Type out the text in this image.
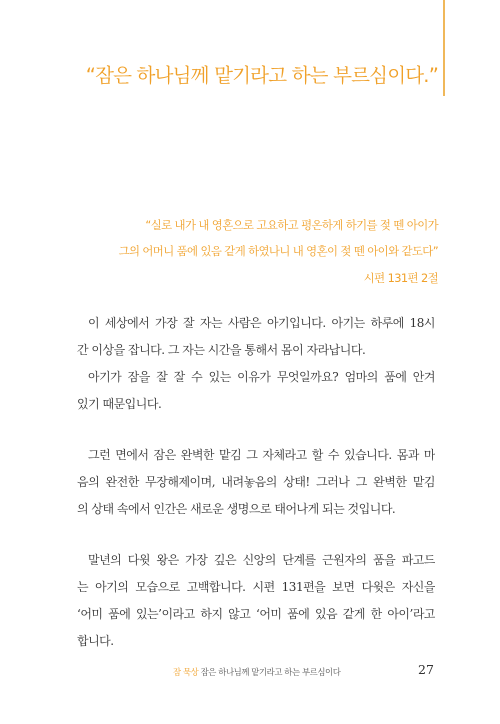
“잠은 하나님께 맡기라고 하는 부르심이다.”
“실로 내가 내 영혼으로 고요하고 평온하게 하기를 젖 뗀 아이가
그의 어머니 품에 있음 같게 하였나니 내 영혼이 젖 뗀 아이와 같도다”
시편 131편 2절
이 세상에서 가장 잘 자는 사람은 아기입니다. 아기는 하루에 18시
간 이상을 잡니다. 그 자는 시간을 통해서 몸이 자라납니다.
아기가 잠을 잘 잘 수 있는 이유가 무엇일까요? 엄마의 품에 안겨
있기 때문입니다.
그런 면에서 잠은 완벽한 맡김 그 자체라고 할 수 있습니다. 몸과 마
음의 완전한 무장해제이며, 내려놓음의 상태! 그러나 그 완벽한 맡김
의 상태 속에서 인간은 새로운 생명으로 태어나게 되는 것입니다.
말년의 다윗 왕은 가장 깊은 신앙의 단계를 근원자의 품을 파고드
는 아기의 모습으로 고백합니다. 시편 131편을 보면 다윗은 자신을
‘어미 품에 있는’이라고 하지 않고 ‘어미 품에 있음 같게 한 아이’라고
합니다.
잠 묵상 잠은 하나님께 맡기라고 하는 부르심이다	27
